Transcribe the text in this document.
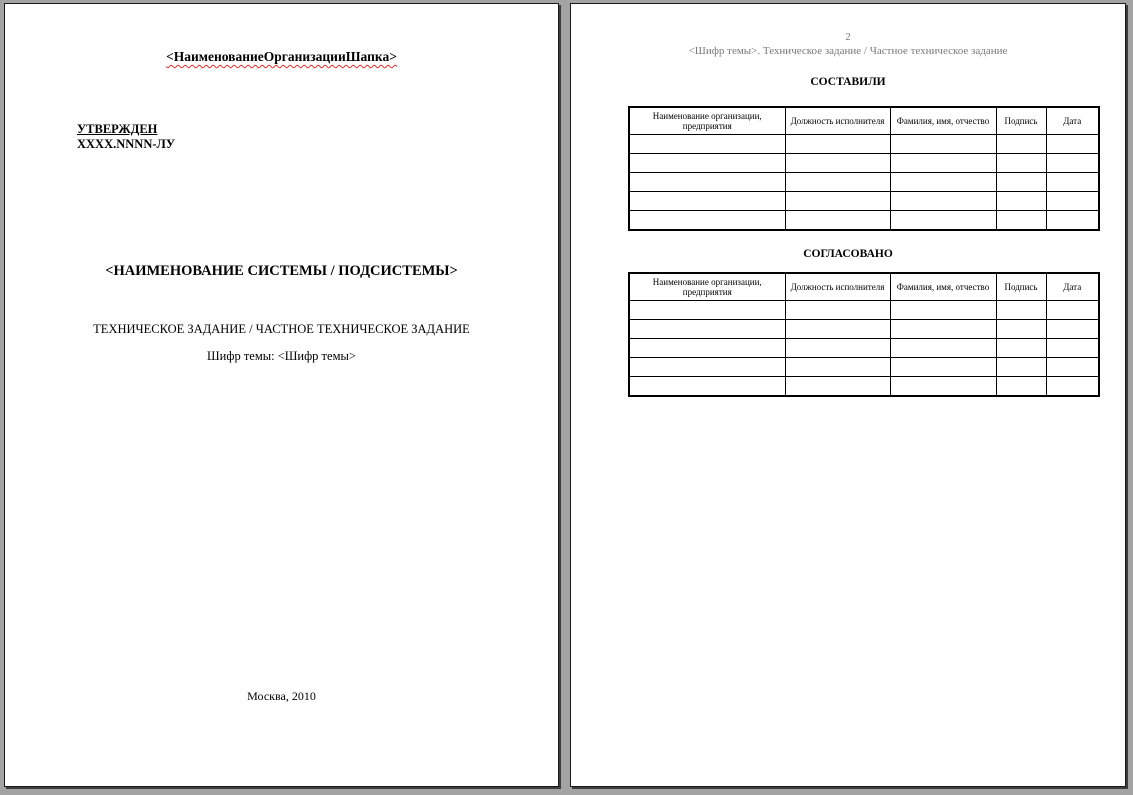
<НаименованиеОрганизацииШапка>
УТВЕРЖДЕН
XXXX.NNNN-ЛУ
<НАИМЕНОВАНИЕ СИСТЕМЫ / ПОДСИСТЕМЫ>
ТЕХНИЧЕСКОЕ ЗАДАНИЕ / ЧАСТНОЕ ТЕХНИЧЕСКОЕ ЗАДАНИЕ
Шифр темы: <Шифр темы>
Москва, 2010
2
<Шифр темы>. Техническое задание / Частное техническое задание
СОСТАВИЛИ
Наименование организации, предприятия	Должность исполнителя	Фамилия, имя, отчество	Подпись	Дата

СОГЛАСОВАНО
Наименование организации, предприятия	Должность исполнителя	Фамилия, имя, отчество	Подпись	Дата
